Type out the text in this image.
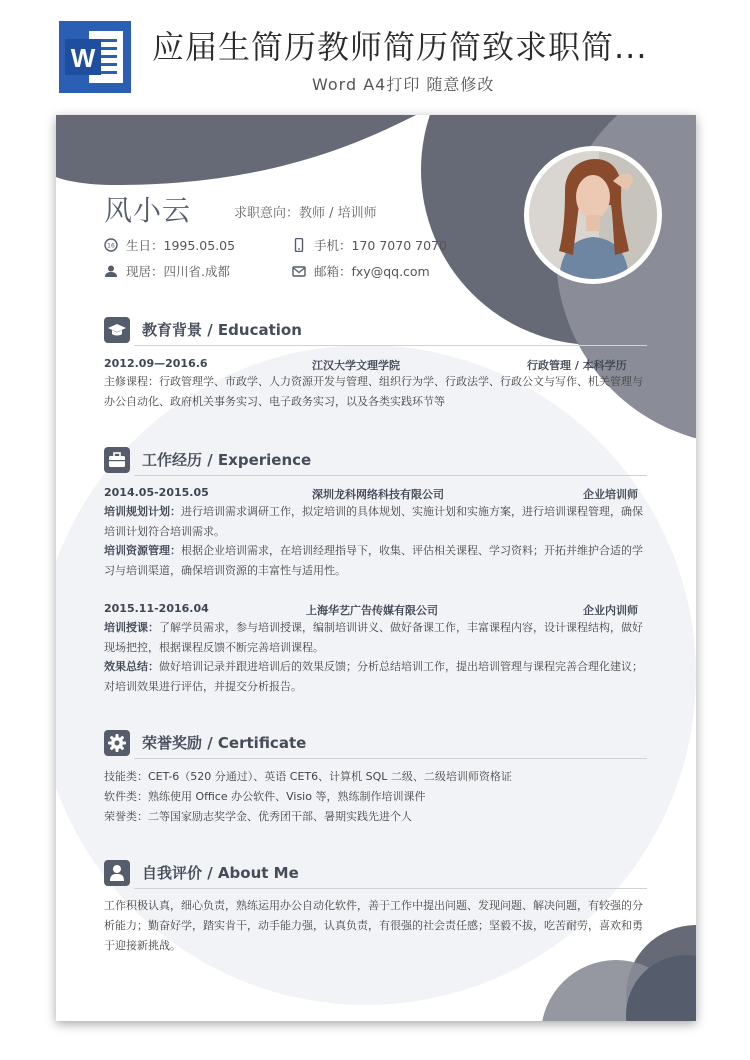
W 应届生简历教师简历简致求职简...
Word A4打印 随意修改
风小云	求职意向：教师 / 培训师
16 生日：1995.05.05
现居：四川省.成都
手机：170 7070 7070
邮箱：fxy@qq.com
教育背景 / Education
2012.09—2016.6	江汉大学文理学院	行政管理 / 本科学历
主修课程：行政管理学、市政学、人力资源开发与管理、组织行为学、行政法学、行政公文与写作、机关管理与办公自动化、政府机关事务实习、电子政务实习，以及各类实践环节等
工作经历 / Experience
2014.05-2015.05	深圳龙科网络科技有限公司	企业培训师
培训规划计划：进行培训需求调研工作，拟定培训的具体规划、实施计划和实施方案，进行培训课程管理，确保培训计划符合培训需求。
培训资源管理：根据企业培训需求，在培训经理指导下，收集、评估相关课程、学习资料；开拓并维护合适的学习与培训渠道，确保培训资源的丰富性与适用性。
2015.11-2016.04	上海华艺广告传媒有限公司	企业内训师
培训授课：了解学员需求，参与培训授课，编制培训讲义、做好备课工作，丰富课程内容，设计课程结构，做好现场把控，根据课程反馈不断完善培训课程。
效果总结：做好培训记录并跟进培训后的效果反馈；分析总结培训工作，提出培训管理与课程完善合理化建议；对培训效果进行评估，并提交分析报告。
荣誉奖励 / Certificate
技能类：CET-6（520 分通过）、英语 CET6、计算机 SQL 二级、二级培训师资格证
软件类：熟练使用 Office 办公软件、Visio 等，熟练制作培训课件
荣誉类：二等国家励志奖学金、优秀团干部、暑期实践先进个人
自我评价 / About Me
工作积极认真，细心负责，熟练运用办公自动化软件，善于工作中提出问题、发现问题、解决问题，有较强的分析能力；勤奋好学，踏实肯干，动手能力强，认真负责，有很强的社会责任感；坚毅不拔，吃苦耐劳，喜欢和勇于迎接新挑战。
